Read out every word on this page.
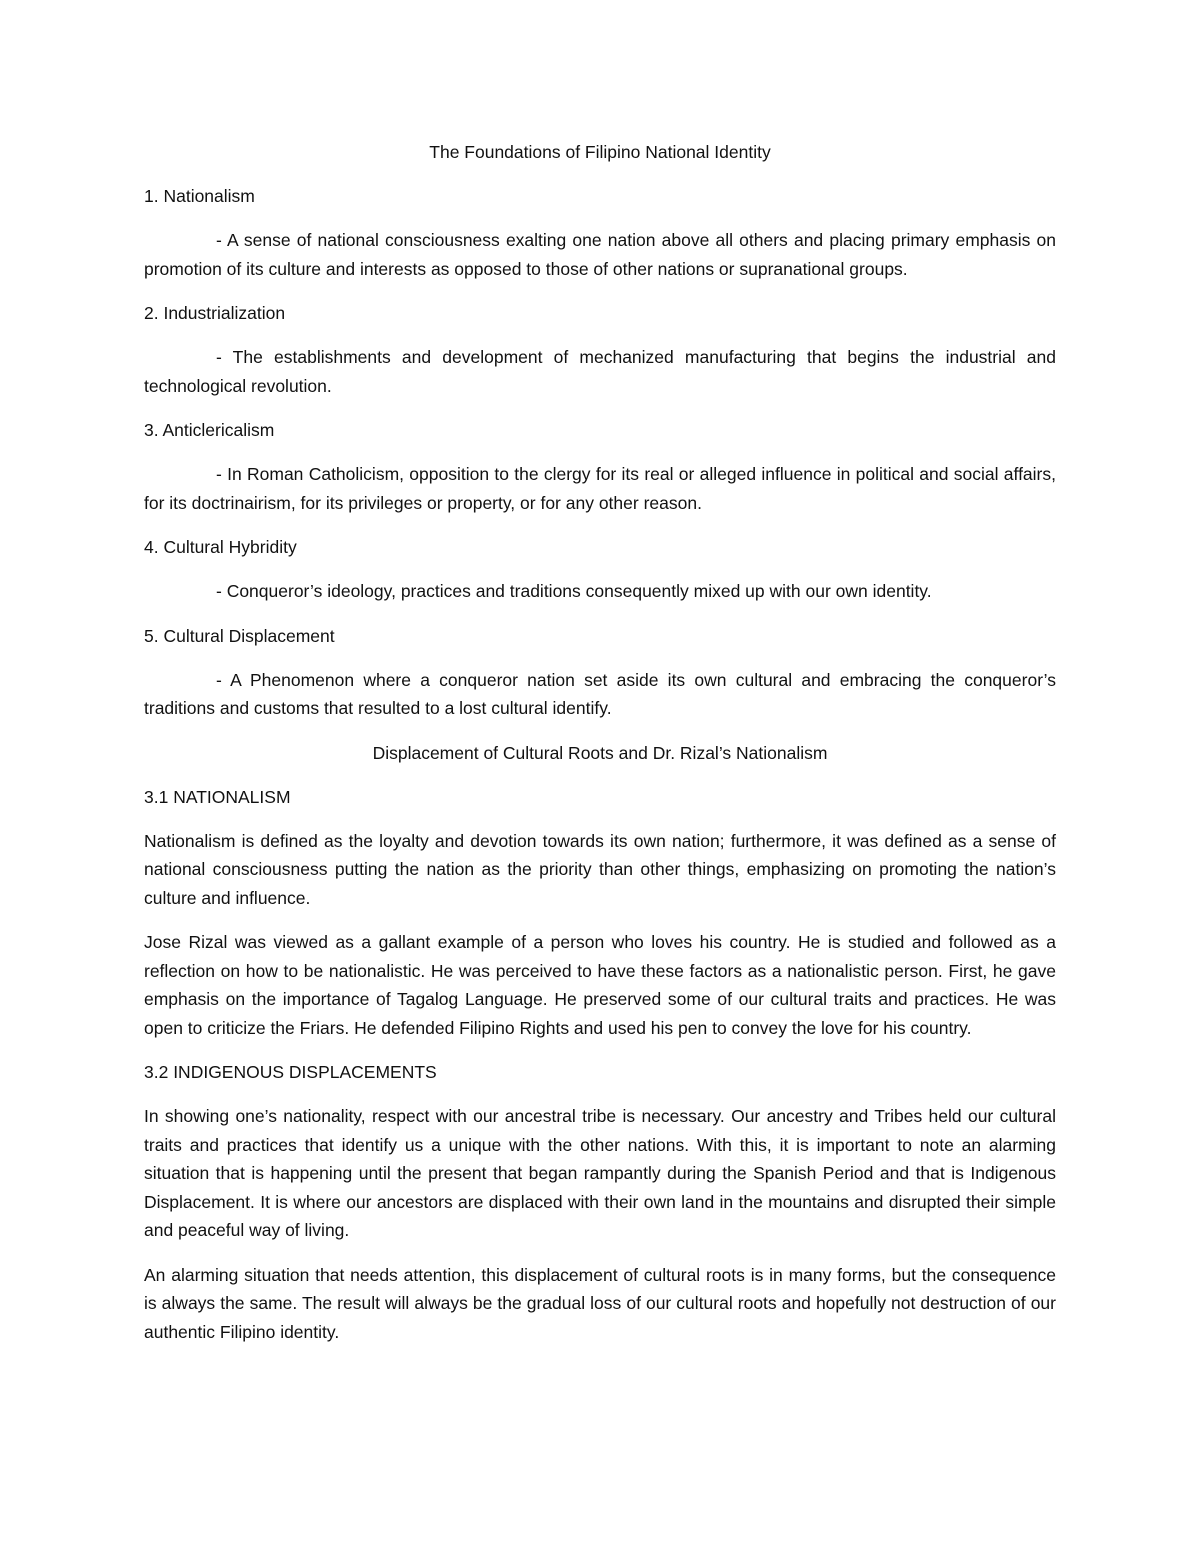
The Foundations of Filipino National Identity
1. Nationalism
- A sense of national consciousness exalting one nation above all others and placing primary emphasis on promotion of its culture and interests as opposed to those of other nations or supranational groups.
2. Industrialization
- The establishments and development of mechanized manufacturing that begins the industrial and technological revolution.
3. Anticlericalism
- In Roman Catholicism, opposition to the clergy for its real or alleged influence in political and social affairs, for its doctrinairism, for its privileges or property, or for any other reason.
4. Cultural Hybridity
- Conqueror’s ideology, practices and traditions consequently mixed up with our own identity.
5. Cultural Displacement
- A Phenomenon where a conqueror nation set aside its own cultural and embracing the conqueror’s traditions and customs that resulted to a lost cultural identify.
Displacement of Cultural Roots and Dr. Rizal’s Nationalism
3.1 NATIONALISM
Nationalism is defined as the loyalty and devotion towards its own nation; furthermore, it was defined as a sense of national consciousness putting the nation as the priority than other things, emphasizing on promoting the nation’s culture and influence.
Jose Rizal was viewed as a gallant example of a person who loves his country. He is studied and followed as a reflection on how to be nationalistic. He was perceived to have these factors as a nationalistic person. First, he gave emphasis on the importance of Tagalog Language. He preserved some of our cultural traits and practices. He was open to criticize the Friars. He defended Filipino Rights and used his pen to convey the love for his country.
3.2 INDIGENOUS DISPLACEMENTS
In showing one’s nationality, respect with our ancestral tribe is necessary. Our ancestry and Tribes held our cultural traits and practices that identify us a unique with the other nations. With this, it is important to note an alarming situation that is happening until the present that began rampantly during the Spanish Period and that is Indigenous Displacement. It is where our ancestors are displaced with their own land in the mountains and disrupted their simple and peaceful way of living.
An alarming situation that needs attention, this displacement of cultural roots is in many forms, but the consequence is always the same. The result will always be the gradual loss of our cultural roots and hopefully not destruction of our authentic Filipino identity.
